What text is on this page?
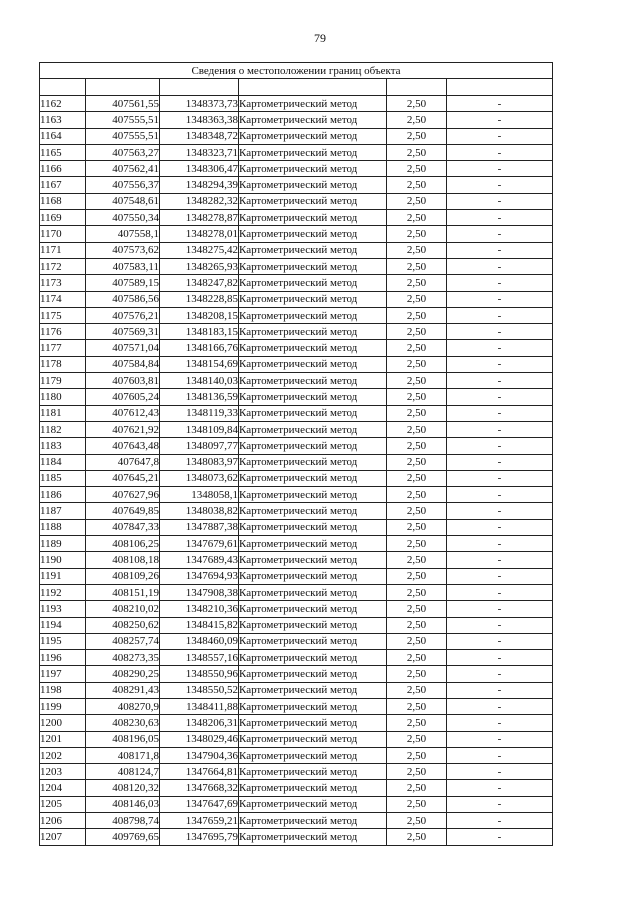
79
Сведения о местоположении границ объекта					

1162	407561,55	1348373,73	Картометрический метод	2,50	-
1163	407555,51	1348363,38	Картометрический метод	2,50	-
1164	407555,51	1348348,72	Картометрический метод	2,50	-
1165	407563,27	1348323,71	Картометрический метод	2,50	-
1166	407562,41	1348306,47	Картометрический метод	2,50	-
1167	407556,37	1348294,39	Картометрический метод	2,50	-
1168	407548,61	1348282,32	Картометрический метод	2,50	-
1169	407550,34	1348278,87	Картометрический метод	2,50	-
1170	407558,1	1348278,01	Картометрический метод	2,50	-
1171	407573,62	1348275,42	Картометрический метод	2,50	-
1172	407583,11	1348265,93	Картометрический метод	2,50	-
1173	407589,15	1348247,82	Картометрический метод	2,50	-
1174	407586,56	1348228,85	Картометрический метод	2,50	-
1175	407576,21	1348208,15	Картометрический метод	2,50	-
1176	407569,31	1348183,15	Картометрический метод	2,50	-
1177	407571,04	1348166,76	Картометрический метод	2,50	-
1178	407584,84	1348154,69	Картометрический метод	2,50	-
1179	407603,81	1348140,03	Картометрический метод	2,50	-
1180	407605,24	1348136,59	Картометрический метод	2,50	-
1181	407612,43	1348119,33	Картометрический метод	2,50	-
1182	407621,92	1348109,84	Картометрический метод	2,50	-
1183	407643,48	1348097,77	Картометрический метод	2,50	-
1184	407647,8	1348083,97	Картометрический метод	2,50	-
1185	407645,21	1348073,62	Картометрический метод	2,50	-
1186	407627,96	1348058,1	Картометрический метод	2,50	-
1187	407649,85	1348038,82	Картометрический метод	2,50	-
1188	407847,33	1347887,38	Картометрический метод	2,50	-
1189	408106,25	1347679,61	Картометрический метод	2,50	-
1190	408108,18	1347689,43	Картометрический метод	2,50	-
1191	408109,26	1347694,93	Картометрический метод	2,50	-
1192	408151,19	1347908,38	Картометрический метод	2,50	-
1193	408210,02	1348210,36	Картометрический метод	2,50	-
1194	408250,62	1348415,82	Картометрический метод	2,50	-
1195	408257,74	1348460,09	Картометрический метод	2,50	-
1196	408273,35	1348557,16	Картометрический метод	2,50	-
1197	408290,25	1348550,96	Картометрический метод	2,50	-
1198	408291,43	1348550,52	Картометрический метод	2,50	-
1199	408270,9	1348411,88	Картометрический метод	2,50	-
1200	408230,63	1348206,31	Картометрический метод	2,50	-
1201	408196,05	1348029,46	Картометрический метод	2,50	-
1202	408171,8	1347904,36	Картометрический метод	2,50	-
1203	408124,7	1347664,81	Картометрический метод	2,50	-
1204	408120,32	1347668,32	Картометрический метод	2,50	-
1205	408146,03	1347647,69	Картометрический метод	2,50	-
1206	408798,74	1347659,21	Картометрический метод	2,50	-
1207	409769,65	1347695,79	Картометрический метод	2,50	-
